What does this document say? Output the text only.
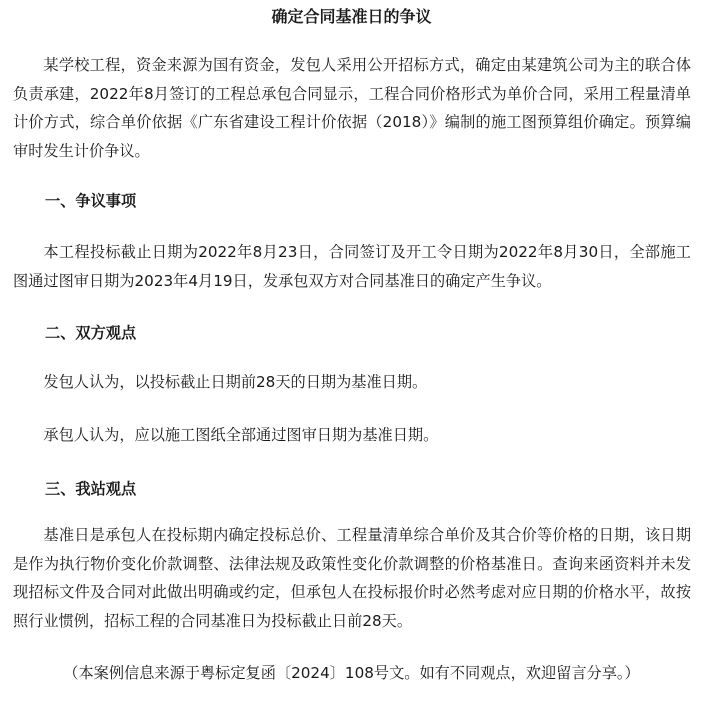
确定合同基准日的争议

某学校工程，资金来源为国有资金，发包人采用公开招标方式，确定由某建筑公司为主的联合体负责承建，2022年8月签订的工程总承包合同显示，工程合同价格形式为单价合同，采用工程量清单计价方式，综合单价依据《广东省建设工程计价依据（2018）》编制的施工图预算组价确定。预算编审时发生计价争议。

一、争议事项

本工程投标截止日期为2022年8月23日，合同签订及开工令日期为2022年8月30日，全部施工图通过图审日期为2023年4月19日，发承包双方对合同基准日的确定产生争议。

二、双方观点

发包人认为，以投标截止日期前28天的日期为基准日期。

承包人认为，应以施工图纸全部通过图审日期为基准日期。

三、我站观点

基准日是承包人在投标期内确定投标总价、工程量清单综合单价及其合价等价格的日期，该日期是作为执行物价变化价款调整、法律法规及政策性变化价款调整的价格基准日。查询来函资料并未发现招标文件及合同对此做出明确或约定，但承包人在投标报价时必然考虑对应日期的价格水平，故按照行业惯例，招标工程的合同基准日为投标截止日前28天。

（本案例信息来源于粤标定复函〔2024〕108号文。如有不同观点，欢迎留言分享。）
